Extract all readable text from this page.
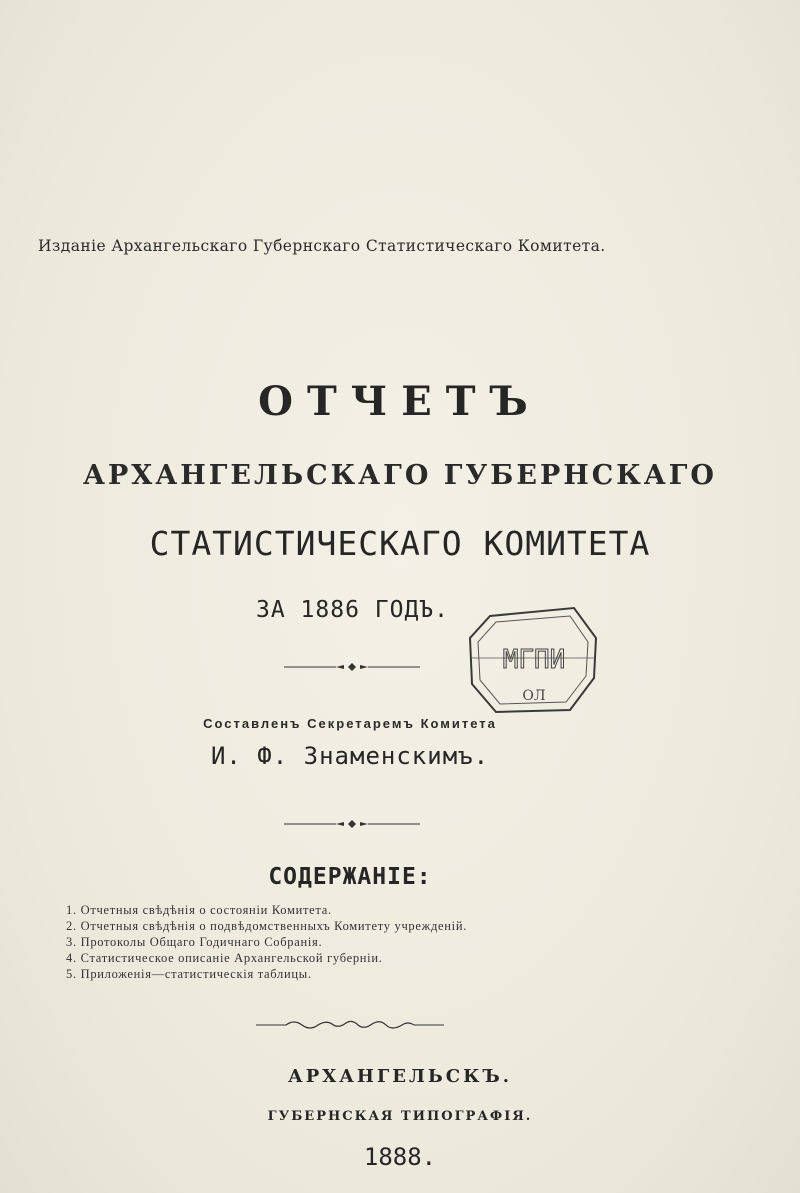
Изданіе Архангельскаго Губернскаго Статистическаго Комитета.
ОТЧЕТЪ
АРХАНГЕЛЬСКАГО ГУБЕРНСКАГО
СТАТИСТИЧЕСКАГО КОМИТЕТА
ЗА 1886 ГОДЪ.
МГПИ
ОЛ
Составленъ Секретаремъ Комитета
И. Ф. Знаменскимъ.
СОДЕРЖАНІЕ:
1. Отчетныя свѣдѣнія о состояніи Комитета.
2. Отчетныя свѣдѣнія о подвѣдомственныхъ Комитету учрежденій.
3. Протоколы Общаго Годичнаго Собранія.
4. Статистическое описаніе Архангельской губерніи.
5. Приложенія—статистическія таблицы.
АРХАНГЕЛЬСКЪ.
ГУБЕРНСКАЯ ТИПОГРАФІЯ.
1888.
